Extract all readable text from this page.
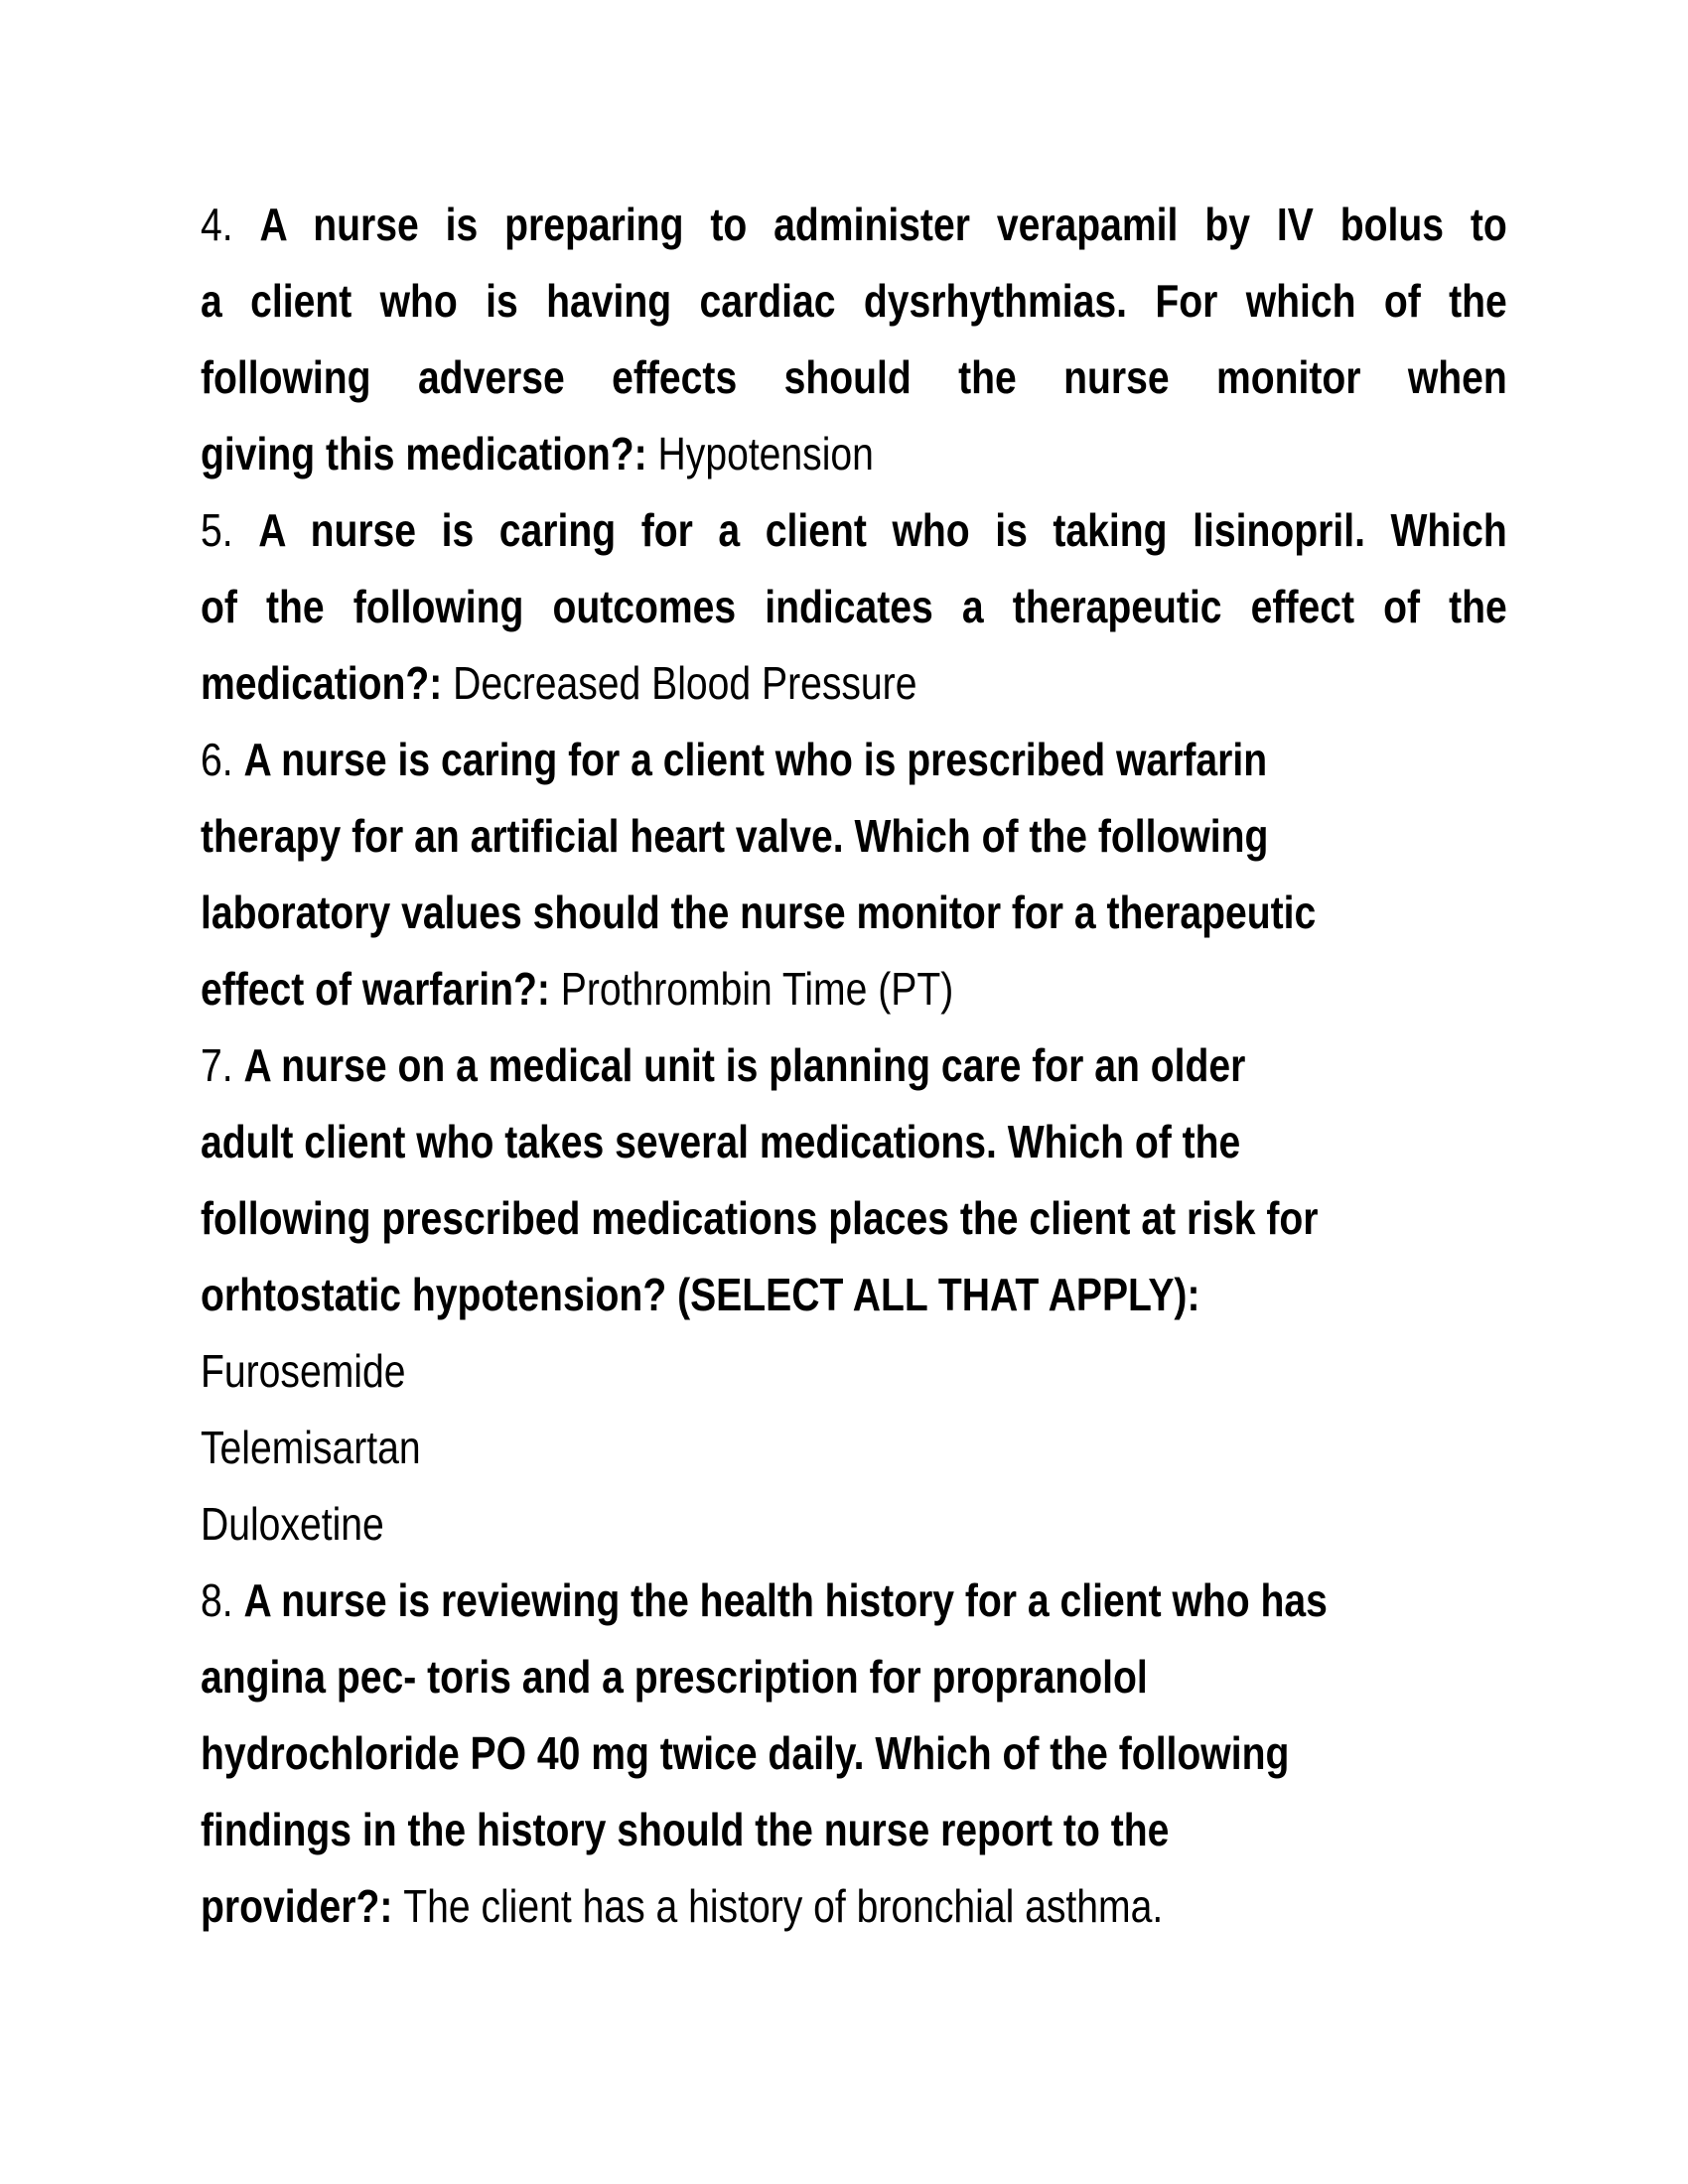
4. A nurse is preparing to administer verapamil by IV bolus to
a client who is having cardiac dysrhythmias. For which of the
following adverse effects should the nurse monitor when
giving this medication?: Hypotension
5. A nurse is caring for a client who is taking lisinopril. Which
of the following outcomes indicates a therapeutic effect of the
medication?: Decreased Blood Pressure
6. A nurse is caring for a client who is prescribed warfarin
therapy for an artificial heart valve. Which of the following
laboratory values should the nurse monitor for a therapeutic
effect of warfarin?: Prothrombin Time (PT)
7. A nurse on a medical unit is planning care for an older
adult client who takes several medications. Which of the
following prescribed medications places the client at risk for
orhtostatic hypotension? (SELECT ALL THAT APPLY):
Furosemide
Telemisartan
Duloxetine
8. A nurse is reviewing the health history for a client who has
angina pec- toris and a prescription for propranolol
hydrochloride PO 40 mg twice daily. Which of the following
findings in the history should the nurse report to the
provider?: The client has a history of bronchial asthma.
